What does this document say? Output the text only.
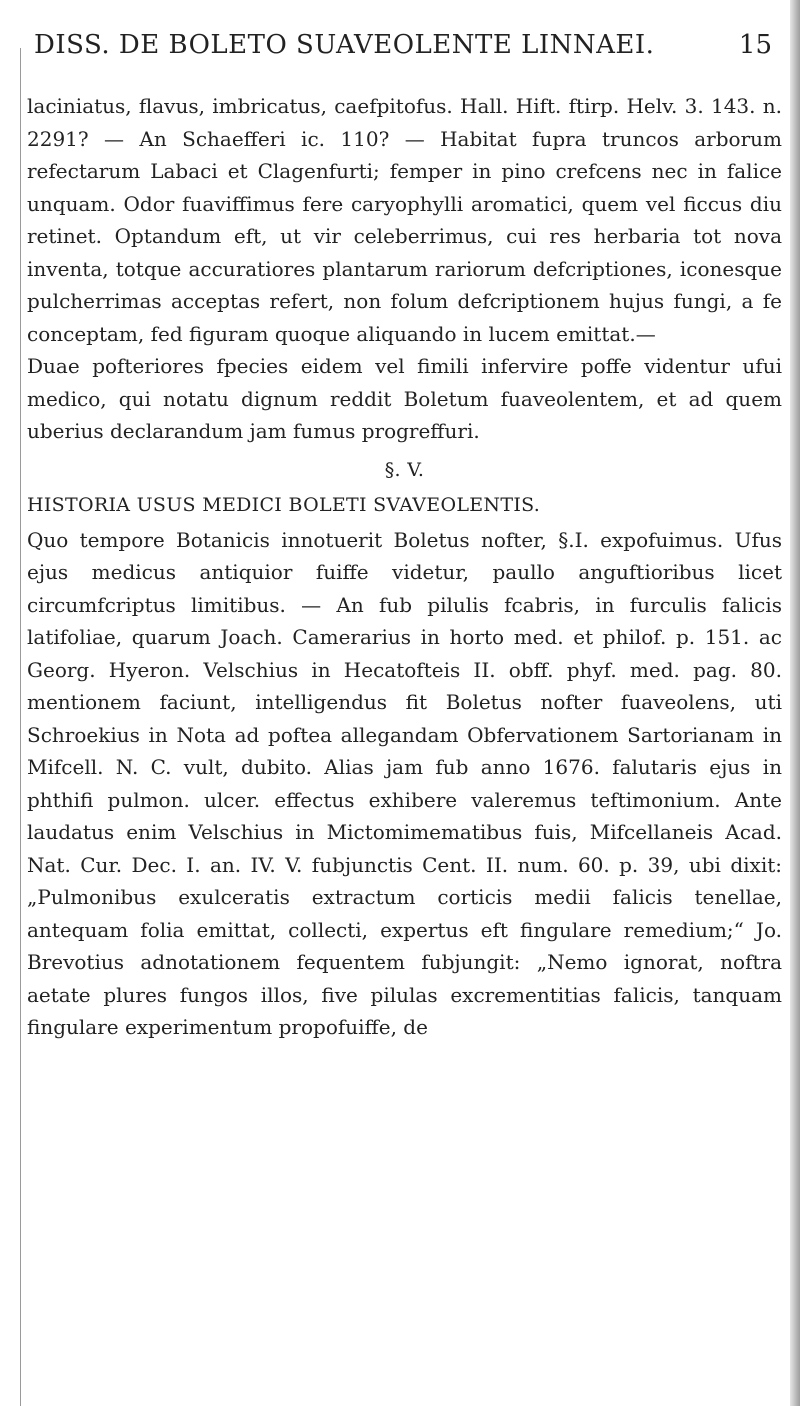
DISS. DE BOLETO SUAVEOLENTE LINNAEI.	15

laciniatus, flavus, imbricatus, caefpitofus. Hall. Hift. ftirp. Helv. 3. 143. n. 2291? — An Schaefferi ic. 110? — Habitat fupra truncos arborum refectarum Labaci et Clagenfurti; femper in pino crefcens nec in falice unquam. Odor fuaviffimus fere caryophylli aromatici, quem vel ficcus diu retinet. Optandum eft, ut vir celeberrimus, cui res herbaria tot nova inventa, totque accuratiores plantarum rariorum defcriptiones, iconesque pulcherrimas acceptas refert, non folum defcriptionem hujus fungi, a fe conceptam, fed figuram quoque aliquando in lucem emittat.—

Duae pofteriores fpecies eidem vel fimili infervire poffe videntur ufui medico, qui notatu dignum reddit Boletum fuaveolentem, et ad quem uberius declarandum jam fumus progreffuri.

§. V.
HISTORIA USUS MEDICI BOLETI SVAVEOLENTIS.

Quo tempore Botanicis innotuerit Boletus nofter, §.I. expofuimus. Ufus ejus medicus antiquior fuiffe videtur, paullo anguftioribus licet circumfcriptus limitibus. — An fub pilulis fcabris, in furculis falicis latifoliae, quarum Joach. Camerarius in horto med. et philof. p. 151. ac Georg. Hyeron. Velschius in Hecatofteis II. obff. phyf. med. pag. 80. mentionem faciunt, intelligendus fit Boletus nofter fuaveolens, uti Schroekius in Nota ad poftea allegandam Obfervationem Sartorianam in Mifcell. N. C. vult, dubito. Alias jam fub anno 1676. falutaris ejus in phthifi pulmon. ulcer. effectus exhibere valeremus teftimonium. Ante laudatus enim Velschius in Mictomimematibus fuis, Mifcellaneis Acad. Nat. Cur. Dec. I. an. IV. V. fubjunctis Cent. II. num. 60. p. 39, ubi dixit: „Pulmonibus exulceratis extractum corticis medii falicis tenellae, antequam folia emittat, collecti, expertus eft fingulare remedium;“ Jo. Brevotius adnotationem fequentem fubjungit: „Nemo ignorat, noftra aetate plures fungos illos, five pilulas excrementitias falicis, tanquam fingulare experimentum propofuiffe, de
